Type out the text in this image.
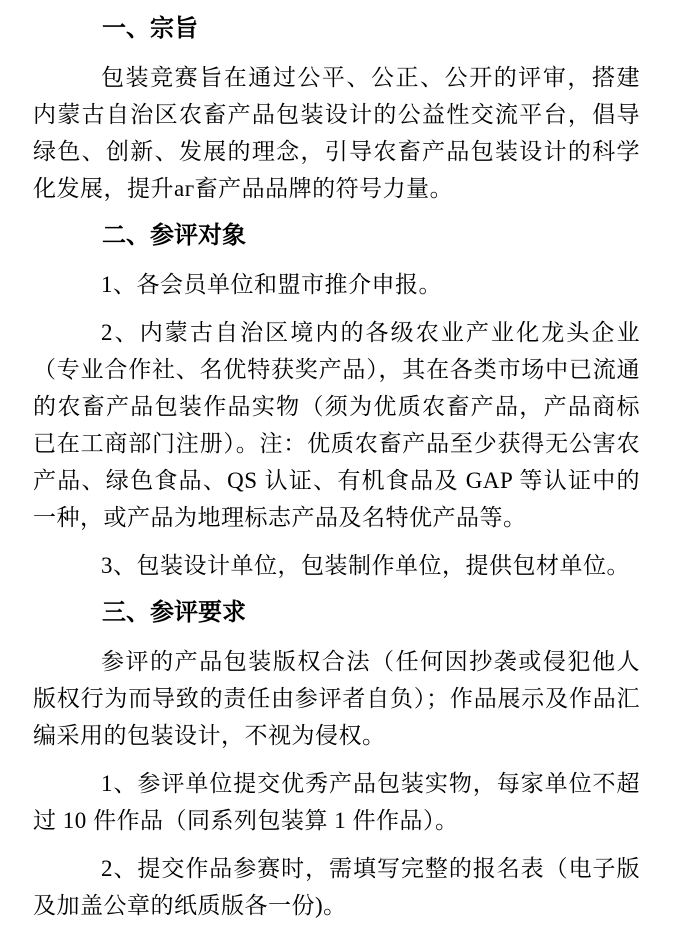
一、宗旨

包装竞赛旨在通过公平、公正、公开的评审，搭建内蒙古自治区农畜产品包装设计的公益性交流平台，倡导绿色、创新、发展的理念，引导农畜产品包装设计的科学化发展，提升аг畜产品品牌的符号力量。

二、参评对象

1、各会员单位和盟市推介申报。

2、内蒙古自治区境内的各级农业产业化龙头企业（专业合作社、名优特获奖产品），其在各类市场中已流通的农畜产品包装作品实物（须为优质农畜产品，产品商标已在工商部门注册）。注：优质农畜产品至少获得无公害农产品、绿色食品、QS 认证、有机食品及 GAP 等认证中的一种，或产品为地理标志产品及名特优产品等。

3、包装设计单位，包装制作单位，提供包材单位。

三、参评要求

参评的产品包装版权合法（任何因抄袭或侵犯他人版权行为而导致的责任由参评者自负）；作品展示及作品汇编采用的包装设计，不视为侵权。

1、参评单位提交优秀产品包装实物，每家单位不超过 10 件作品（同系列包装算 1 件作品）。

2、提交作品参赛时，需填写完整的报名表（电子版及加盖公章的纸质版各一份)。
